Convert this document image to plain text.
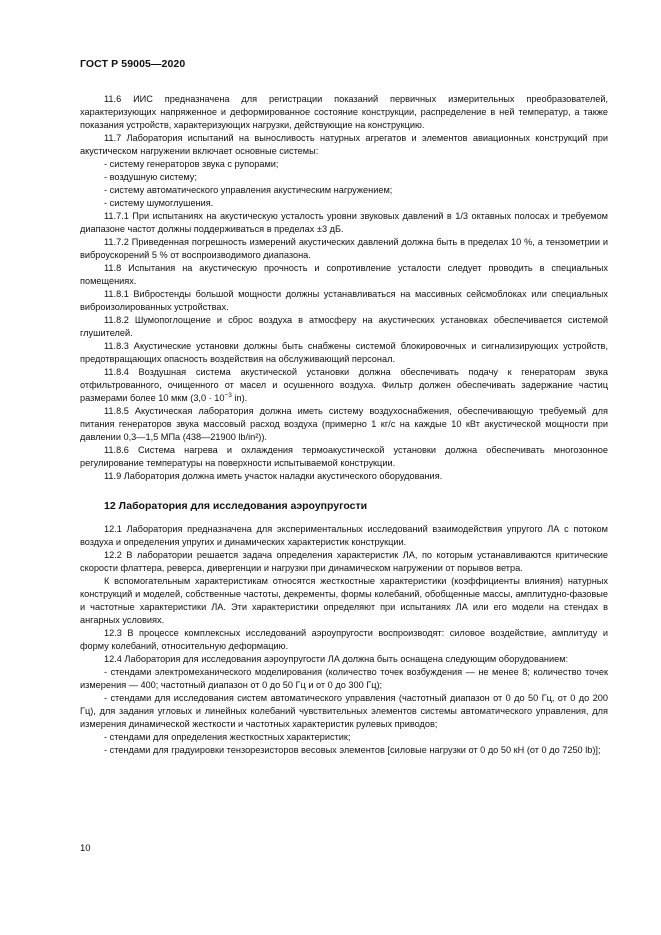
ГОСТ Р 59005—2020

11.6 ИИС предназначена для регистрации показаний первичных измерительных преобразователей, характеризующих напряженное и деформированное состояние конструкции, распределение в ней температур, а также показания устройств, характеризующих нагрузки, действующие на конструкцию.

11.7 Лаборатория испытаний на выносливость натурных агрегатов и элементов авиационных конструкций при акустическом нагружении включает основные системы:

- систему генераторов звука с рупорами;

- воздушную систему;

- систему автоматического управления акустическим нагружением;

- систему шумоглушения.

11.7.1 При испытаниях на акустическую усталость уровни звуковых давлений в 1/3 октавных полосах и требуемом диапазоне частот должны поддерживаться в пределах ±3 дБ.

11.7.2 Приведенная погрешность измерений акустических давлений должна быть в пределах 10 %, а тензометрии и виброускорений 5 % от воспроизводимого диапазона.

11.8 Испытания на акустическую прочность и сопротивление усталости следует проводить в специальных помещениях.

11.8.1 Вибростенды большой мощности должны устанавливаться на массивных сейсмоблоках или специальных виброизолированных устройствах.

11.8.2 Шумопоглощение и сброс воздуха в атмосферу на акустических установках обеспечивается системой глушителей.

11.8.3 Акустические установки должны быть снабжены системой блокировочных и сигнализирующих устройств, предотвращающих опасность воздействия на обслуживающий персонал.

11.8.4 Воздушная система акустической установки должна обеспечивать подачу к генераторам звука отфильтрованного, очищенного от масел и осушенного воздуха. Фильтр должен обеспечивать задержание частиц размерами более 10 мкм ($3,0 \cdot 10^{-3}$ in).

11.8.5 Акустическая лаборатория должна иметь систему воздухоснабжения, обеспечивающую требуемый для питания генераторов звука массовый расход воздуха (примерно 1 кг/с на каждые 10 кВт акустической мощности при давлении 0,3—1,5 МПа (438—21900 lb/in²)).

11.8.6 Система нагрева и охлаждения термоакустической установки должна обеспечивать многозонное регулирование температуры на поверхности испытываемой конструкции.

11.9 Лаборатория должна иметь участок наладки акустического оборудования.

12 Лаборатория для исследования аэроупругости

12.1 Лаборатория предназначена для экспериментальных исследований взаимодействия упругого ЛА с потоком воздуха и определения упругих и динамических характеристик конструкции.

12.2 В лаборатории решается задача определения характеристик ЛА, по которым устанавливаются критические скорости флаттера, реверса, дивергенции и нагрузки при динамическом нагружении от порывов ветра.

К вспомогательным характеристикам относятся жесткостные характеристики (коэффициенты влияния) натурных конструкций и моделей, собственные частоты, декременты, формы колебаний, обобщенные массы, амплитудно-фазовые и частотные характеристики ЛА. Эти характеристики определяют при испытаниях ЛА или его модели на стендах в ангарных условиях.

12.3 В процессе комплексных исследований аэроупругости воспроизводят: силовое воздействие, амплитуду и форму колебаний, относительную деформацию.

12.4 Лаборатория для исследования аэроупругости ЛА должна быть оснащена следующим оборудованием:

- стендами электромеханического моделирования (количество точек возбуждения — не менее 8; количество точек измерения — 400; частотный диапазон от 0 до 50 Гц и от 0 до 300 Гц);

- стендами для исследования систем автоматического управления (частотный диапазон от 0 до 50 Гц, от 0 до 200 Гц), для задания угловых и линейных колебаний чувствительных элементов системы автоматического управления, для измерения динамической жесткости и частотных характеристик рулевых приводов;

- стендами для определения жесткостных характеристик;

- стендами для градуировки тензорезисторов весовых элементов [силовые нагрузки от 0 до 50 кН (от 0 до 7250 lb)];

10
